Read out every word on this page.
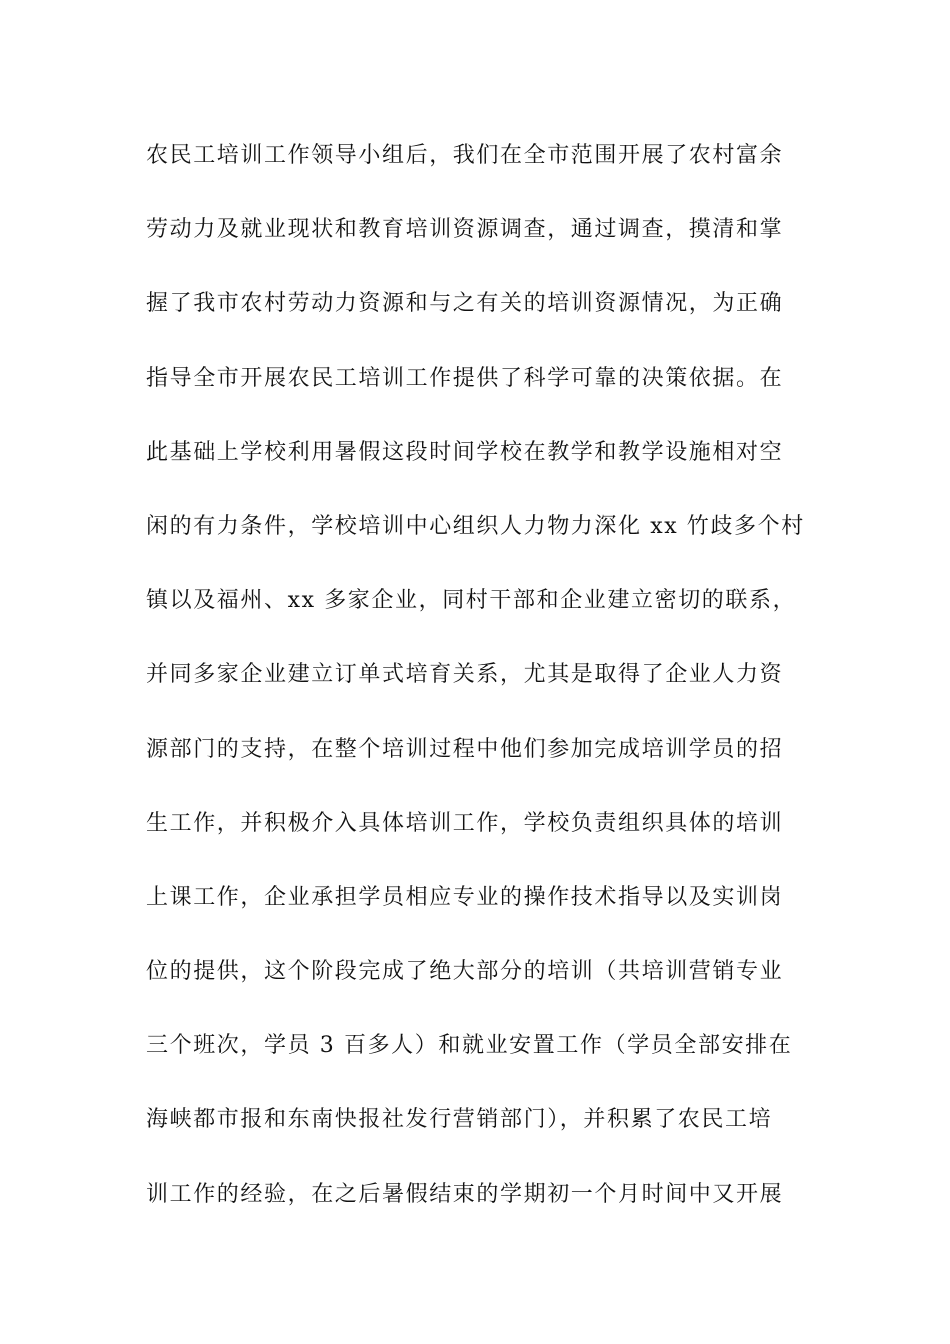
农民工培训工作领导小组后，我们在全市范围开展了农村富余
劳动力及就业现状和教育培训资源调查，通过调查，摸清和掌
握了我市农村劳动力资源和与之有关的培训资源情况，为正确
指导全市开展农民工培训工作提供了科学可靠的决策依据。在
此基础上学校利用暑假这段时间学校在教学和教学设施相对空
闲的有力条件，学校培训中心组织人力物力深化 xx 竹歧多个村
镇以及福州、xx 多家企业，同村干部和企业建立密切的联系，
并同多家企业建立订单式培育关系，尤其是取得了企业人力资
源部门的支持，在整个培训过程中他们参加完成培训学员的招
生工作，并积极介入具体培训工作，学校负责组织具体的培训
上课工作，企业承担学员相应专业的操作技术指导以及实训岗
位的提供，这个阶段完成了绝大部分的培训（共培训营销专业
三个班次，学员 3 百多人）和就业安置工作（学员全部安排在
海峡都市报和东南快报社发行营销部门），并积累了农民工培
训工作的经验，在之后暑假结束的学期初一个月时间中又开展
